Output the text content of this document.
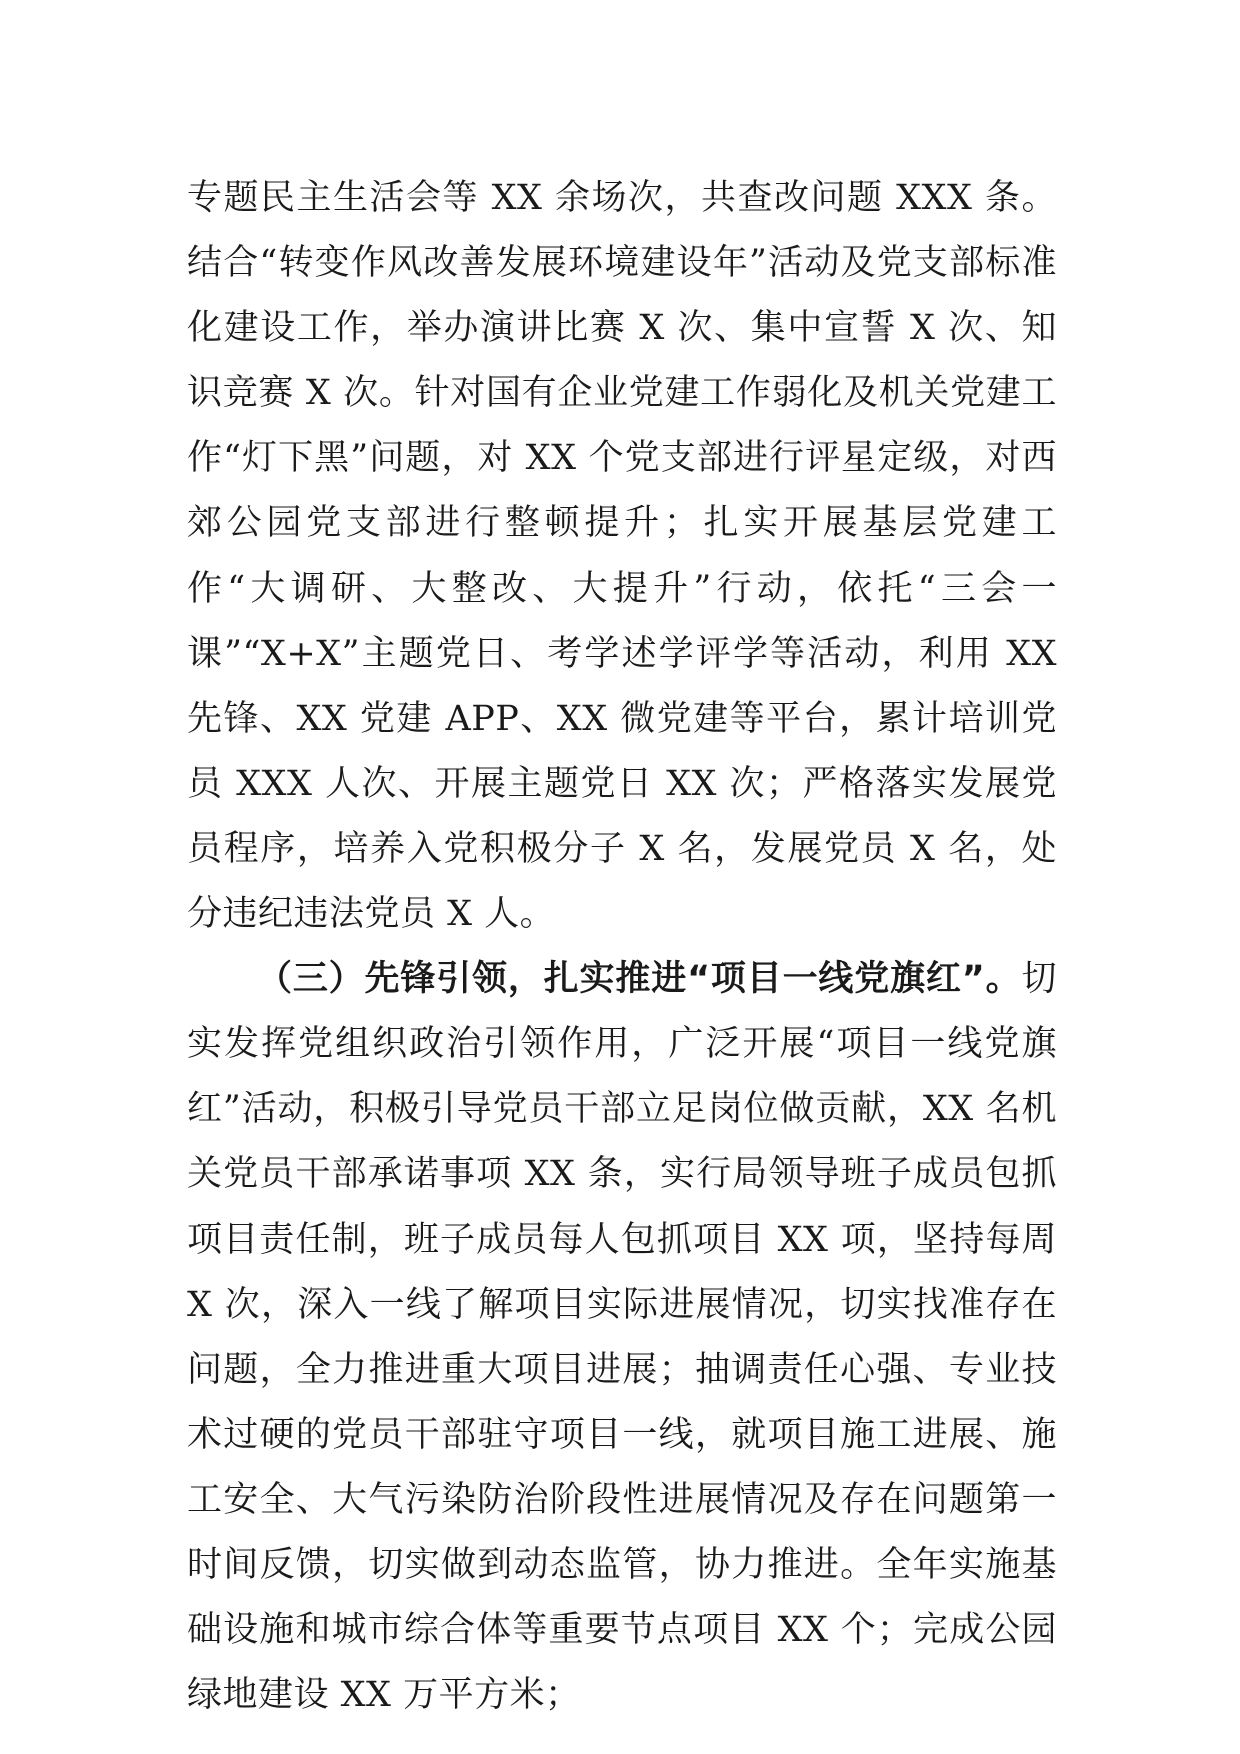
专题民主生活会等 XX 余场次，共查改问题 XXX 条。结合“转变作风改善发展环境建设年”活动及党支部标准化建设工作，举办演讲比赛 X 次、集中宣誓 X 次、知识竞赛 X 次。针对国有企业党建工作弱化及机关党建工作“灯下黑”问题，对 XX 个党支部进行评星定级，对西郊公园党支部进行整顿提升；扎实开展基层党建工作“大调研、大整改、大提升”行动，依托“三会一课”“X+X”主题党日、考学述学评学等活动，利用 XX 先锋、XX 党建 APP、XX 微党建等平台，累计培训党员 XXX 人次、开展主题党日 XX 次；严格落实发展党员程序，培养入党积极分子 X 名，发展党员 X 名，处分违纪违法党员 X 人。

（三）先锋引领，扎实推进“项目一线党旗红”。切实发挥党组织政治引领作用，广泛开展“项目一线党旗红”活动，积极引导党员干部立足岗位做贡献，XX 名机关党员干部承诺事项 XX 条，实行局领导班子成员包抓项目责任制，班子成员每人包抓项目 XX 项，坚持每周 X 次，深入一线了解项目实际进展情况，切实找准存在问题，全力推进重大项目进展；抽调责任心强、专业技术过硬的党员干部驻守项目一线，就项目施工进展、施工安全、大气污染防治阶段性进展情况及存在问题第一时间反馈，切实做到动态监管，协力推进。全年实施基础设施和城市综合体等重要节点项目 XX 个；完成公园绿地建设 XX 万平方米；
